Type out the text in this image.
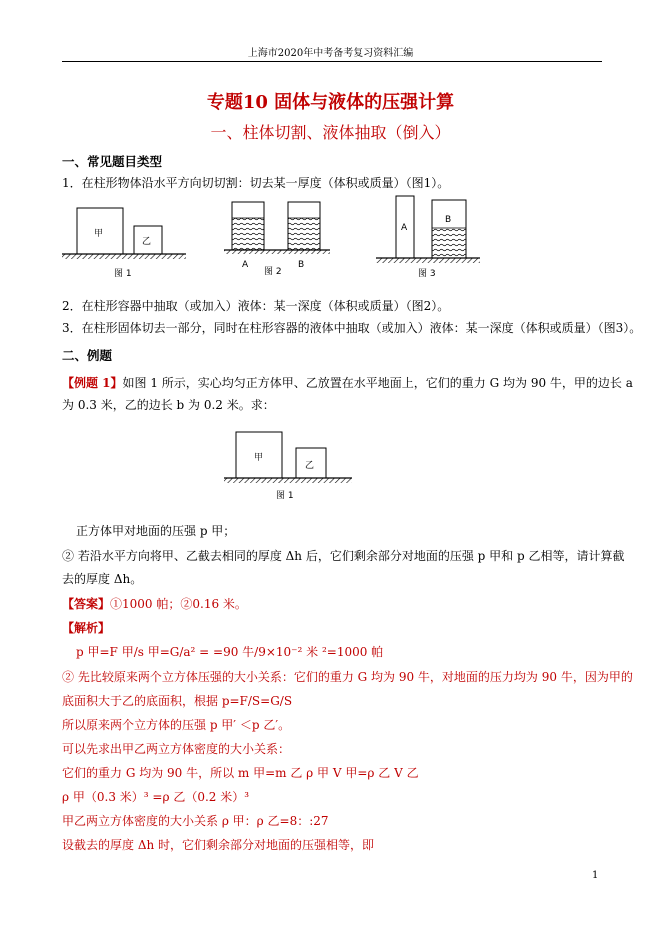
上海市2020年中考备考复习资料汇编
专题10 固体与液体的压强计算
一、柱体切割、液体抽取（倒入）
一、常见题目类型
1．在柱形物体沿水平方向切切割：切去某一厚度（体积或质量）（图1）。
甲
乙
图 1
A	B
图 2
A
B
图 3
2．在柱形容器中抽取（或加入）液体：某一深度（体积或质量）（图2）。
3．在柱形固体切去一部分，同时在柱形容器的液体中抽取（或加入）液体：某一深度（体积或质量）（图3）。
二、例题
【例题 1】如图 1 所示，实心均匀正方体甲、乙放置在水平地面上，它们的重力 G 均为 90 牛，甲的边长 a
为 0.3 米，乙的边长 b 为 0.2 米。求：
甲
乙
图 1
正方体甲对地面的压强 p 甲；
② 若沿水平方向将甲、乙截去相同的厚度 Δh 后，它们剩余部分对地面的压强 p 甲和 p 乙相等，请计算截
去的厚度 Δh。
【答案】①1000 帕；②0.16 米。
【解析】
p 甲=F 甲/s 甲=G/a² = =90 牛/9×10⁻² 米 ²=1000 帕
② 先比较原来两个立方体压强的大小关系：它们的重力 G 均为 90 牛，对地面的压力均为 90 牛，因为甲的
底面积大于乙的底面积，根据 p=F/S=G/S
所以原来两个立方体的压强 p 甲′ ＜p 乙′。
可以先求出甲乙两立方体密度的大小关系：
它们的重力 G 均为 90 牛，所以 m 甲=m 乙 ρ 甲 V 甲=ρ 乙 V 乙
ρ 甲（0.3 米）³ =ρ 乙（0.2 米）³
甲乙两立方体密度的大小关系 ρ 甲：ρ 乙=8：:27
设截去的厚度 Δh 时，它们剩余部分对地面的压强相等，即
1
